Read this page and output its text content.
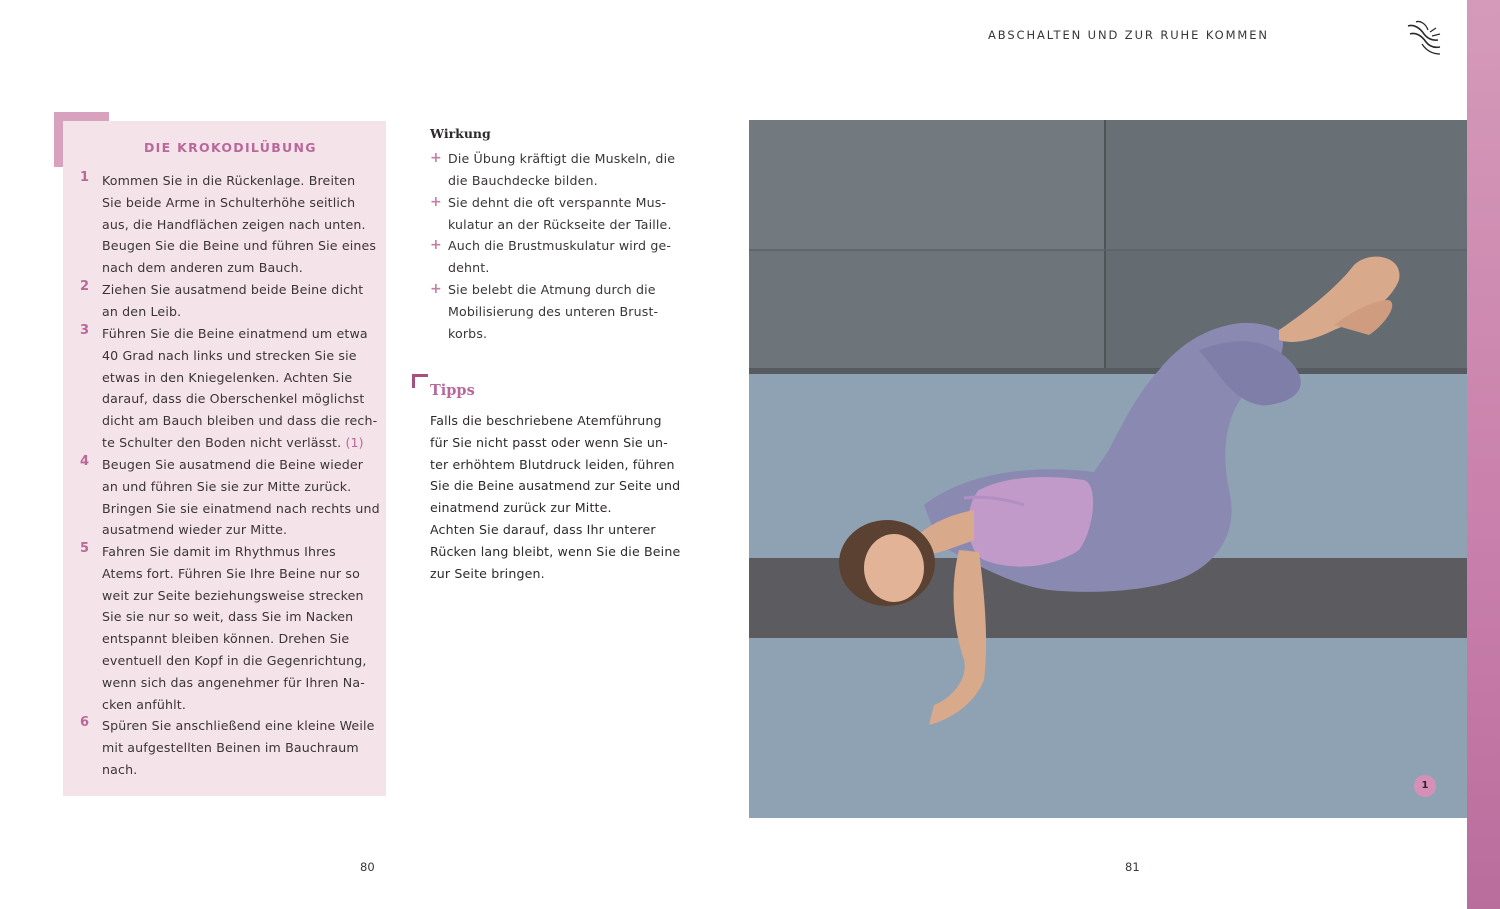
ABSCHALTEN UND ZUR RUHE KOMMEN
DIE KROKODILÜBUNG
1	Kommen Sie in die Rückenlage. Breiten
Sie beide Arme in Schulterhöhe seitlich
aus, die Handflächen zeigen nach unten.
Beugen Sie die Beine und führen Sie eines
nach dem anderen zum Bauch.
2	Ziehen Sie ausatmend beide Beine dicht
an den Leib.
3	Führen Sie die Beine einatmend um etwa
40 Grad nach links und strecken Sie sie
etwas in den Kniegelenken. Achten Sie
darauf, dass die Oberschenkel möglichst
dicht am Bauch bleiben und dass die rech-
te Schulter den Boden nicht verlässt. (1)
4	Beugen Sie ausatmend die Beine wieder
an und führen Sie sie zur Mitte zurück.
Bringen Sie sie einatmend nach rechts und
ausatmend wieder zur Mitte.
5	Fahren Sie damit im Rhythmus Ihres
Atems fort. Führen Sie Ihre Beine nur so
weit zur Seite beziehungsweise strecken
Sie sie nur so weit, dass Sie im Nacken
entspannt bleiben können. Drehen Sie
eventuell den Kopf in die Gegenrichtung,
wenn sich das angenehmer für Ihren Na-
cken anfühlt.
6	Spüren Sie anschließend eine kleine Weile
mit aufgestellten Beinen im Bauchraum
nach.
Wirkung
+ Die Übung kräftigt die Muskeln, die
die Bauchdecke bilden.
+ Sie dehnt die oft verspannte Mus-
kulatur an der Rückseite der Taille.
+ Auch die Brustmuskulatur wird ge-
dehnt.
+ Sie belebt die Atmung durch die
Mobilisierung des unteren Brust-
korbs.
Tipps
Falls die beschriebene Atemführung
für Sie nicht passt oder wenn Sie un-
ter erhöhtem Blutdruck leiden, führen
Sie die Beine ausatmend zur Seite und
einatmend zurück zur Mitte.
Achten Sie darauf, dass Ihr unterer
Rücken lang bleibt, wenn Sie die Beine
zur Seite bringen.
1
80	81
